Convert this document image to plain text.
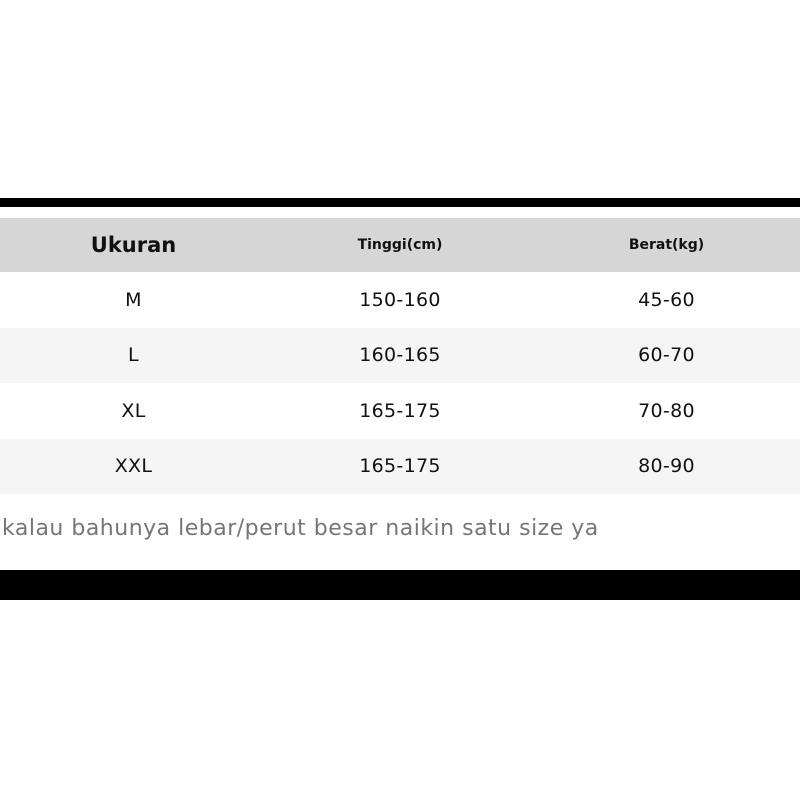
Ukuran	Tinggi(cm)	Berat(kg)
M	150-160	45-60
L	160-165	60-70
XL	165-175	70-80
XXL	165-175	80-90
kalau bahunya lebar/perut besar naikin satu size ya
